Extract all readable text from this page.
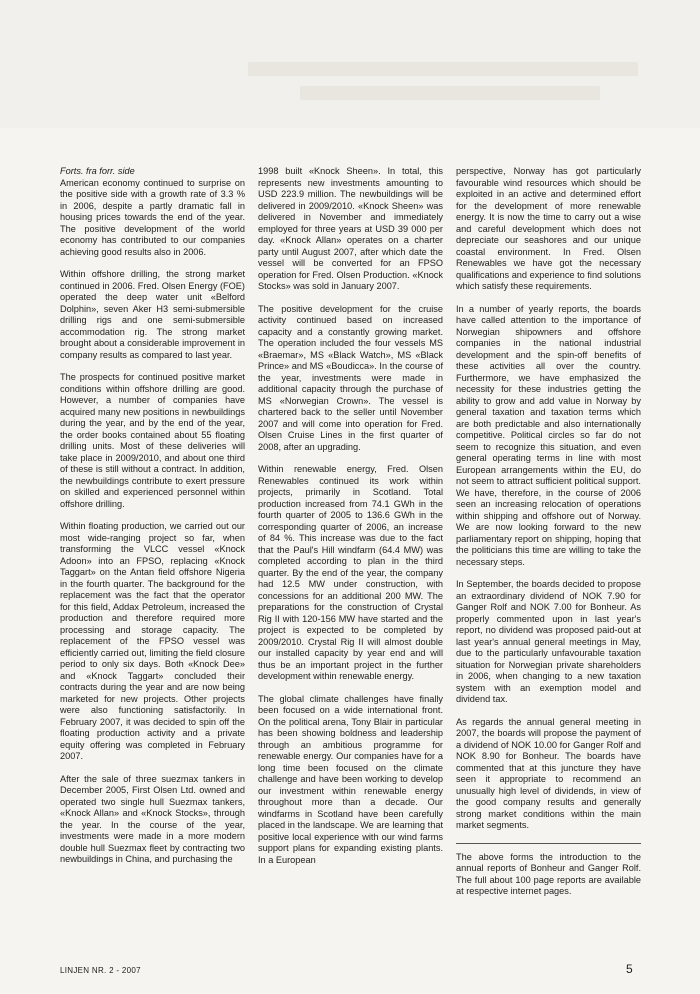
Forts. fra forr. side

American economy continued to surprise on the positive side with a growth rate of 3.3 % in 2006, despite a partly dramatic fall in housing prices towards the end of the year. The positive development of the world economy has contributed to our companies achieving good results also in 2006.

Within offshore drilling, the strong market continued in 2006. Fred. Olsen Energy (FOE) operated the deep water unit «Belford Dolphin», seven Aker H3 semi-submersible drilling rigs and one semi-submersible accommodation rig. The strong market brought about a considerable improvement in company results as compared to last year.

The prospects for continued positive market conditions within offshore drilling are good. However, a number of companies have acquired many new positions in newbuildings during the year, and by the end of the year, the order books contained about 55 floating drilling units. Most of these deliveries will take place in 2009/2010, and about one third of these is still without a contract. In addition, the newbuildings contribute to exert pressure on skilled and experienced personnel within offshore drilling.

Within floating production, we carried out our most wide-ranging project so far, when transforming the VLCC vessel «Knock Adoon» into an FPSO, replacing «Knock Taggart» on the Antan field offshore Nigeria in the fourth quarter. The background for the replacement was the fact that the operator for this field, Addax Petroleum, increased the production and therefore required more processing and storage capacity. The replacement of the FPSO vessel was efficiently carried out, limiting the field closure period to only six days. Both «Knock Dee» and «Knock Taggart» concluded their contracts during the year and are now being marketed for new projects. Other projects were also functioning satisfactorily. In February 2007, it was decided to spin off the floating production activity and a private equity offering was completed in February 2007.

After the sale of three suezmax tankers in December 2005, First Olsen Ltd. owned and operated two single hull Suezmax tankers, «Knock Allan» and «Knock Stocks», through the year. In the course of the year, investments were made in a more modern double hull Suezmax fleet by contracting two newbuildings in China, and purchasing the

1998 built «Knock Sheen». In total, this represents new investments amounting to USD 223.9 million. The newbuildings will be delivered in 2009/2010. «Knock Sheen» was delivered in November and immediately employed for three years at USD 39 000 per day. «Knock Allan» operates on a charter party until August 2007, after which date the vessel will be converted for an FPSO operation for Fred. Olsen Production. «Knock Stocks» was sold in January 2007.

The positive development for the cruise activity continued based on increased capacity and a constantly growing market. The operation included the four vessels MS «Braemar», MS «Black Watch», MS «Black Prince» and MS «Boudicca». In the course of the year, investments were made in additional capacity through the purchase of MS «Norwegian Crown». The vessel is chartered back to the seller until November 2007 and will come into operation for Fred. Olsen Cruise Lines in the first quarter of 2008, after an upgrading.

Within renewable energy, Fred. Olsen Renewables continued its work within projects, primarily in Scotland. Total production increased from 74.1 GWh in the fourth quarter of 2005 to 136.6 GWh in the corresponding quarter of 2006, an increase of 84 %. This increase was due to the fact that the Paul's Hill windfarm (64.4 MW) was completed according to plan in the third quarter. By the end of the year, the company had 12.5 MW under construction, with concessions for an additional 200 MW. The preparations for the construction of Crystal Rig II with 120-156 MW have started and the project is expected to be completed by 2009/2010. Crystal Rig II will almost double our installed capacity by year end and will thus be an important project in the further development within renewable energy.

The global climate challenges have finally been focused on a wide international front. On the political arena, Tony Blair in particular has been showing boldness and leadership through an ambitious programme for renewable energy. Our companies have for a long time been focused on the climate challenge and have been working to develop our investment within renewable energy throughout more than a decade. Our windfarms in Scotland have been carefully placed in the landscape. We are learning that positive local experience with our wind farms support plans for expanding existing plants. In a European

perspective, Norway has got particularly favourable wind resources which should be exploited in an active and determined effort for the development of more renewable energy. It is now the time to carry out a wise and careful development which does not depreciate our seashores and our unique coastal environment. In Fred. Olsen Renewables we have got the necessary qualifications and experience to find solutions which satisfy these requirements.

In a number of yearly reports, the boards have called attention to the importance of Norwegian shipowners and offshore companies in the national industrial development and the spin-off benefits of these activities all over the country. Furthermore, we have emphasized the necessity for these industries getting the ability to grow and add value in Norway by general taxation and taxation terms which are both predictable and also internationally competitive. Political circles so far do not seem to recognize this situation, and even general operating terms in line with most European arrangements within the EU, do not seem to attract sufficient political support. We have, therefore, in the course of 2006 seen an increasing relocation of operations within shipping and offshore out of Norway. We are now looking forward to the new parliamentary report on shipping, hoping that the politicians this time are willing to take the necessary steps.

In September, the boards decided to propose an extraordinary dividend of NOK 7.90 for Ganger Rolf and NOK 7.00 for Bonheur. As properly commented upon in last year's report, no dividend was proposed paid-out at last year's annual general meetings in May, due to the particularly unfavourable taxation situation for Norwegian private shareholders in 2006, when changing to a new taxation system with an exemption model and dividend tax.

As regards the annual general meeting in 2007, the boards will propose the payment of a dividend of NOK 10.00 for Ganger Rolf and NOK 8.90 for Bonheur. The boards have commented that at this juncture they have seen it appropriate to recommend an unusually high level of dividends, in view of the good company results and generally strong market conditions within the main market segments.

The above forms the introduction to the annual reports of Bonheur and Ganger Rolf. The full about 100 page reports are available at respective internet pages.

LINJEN NR. 2 - 2007	5
